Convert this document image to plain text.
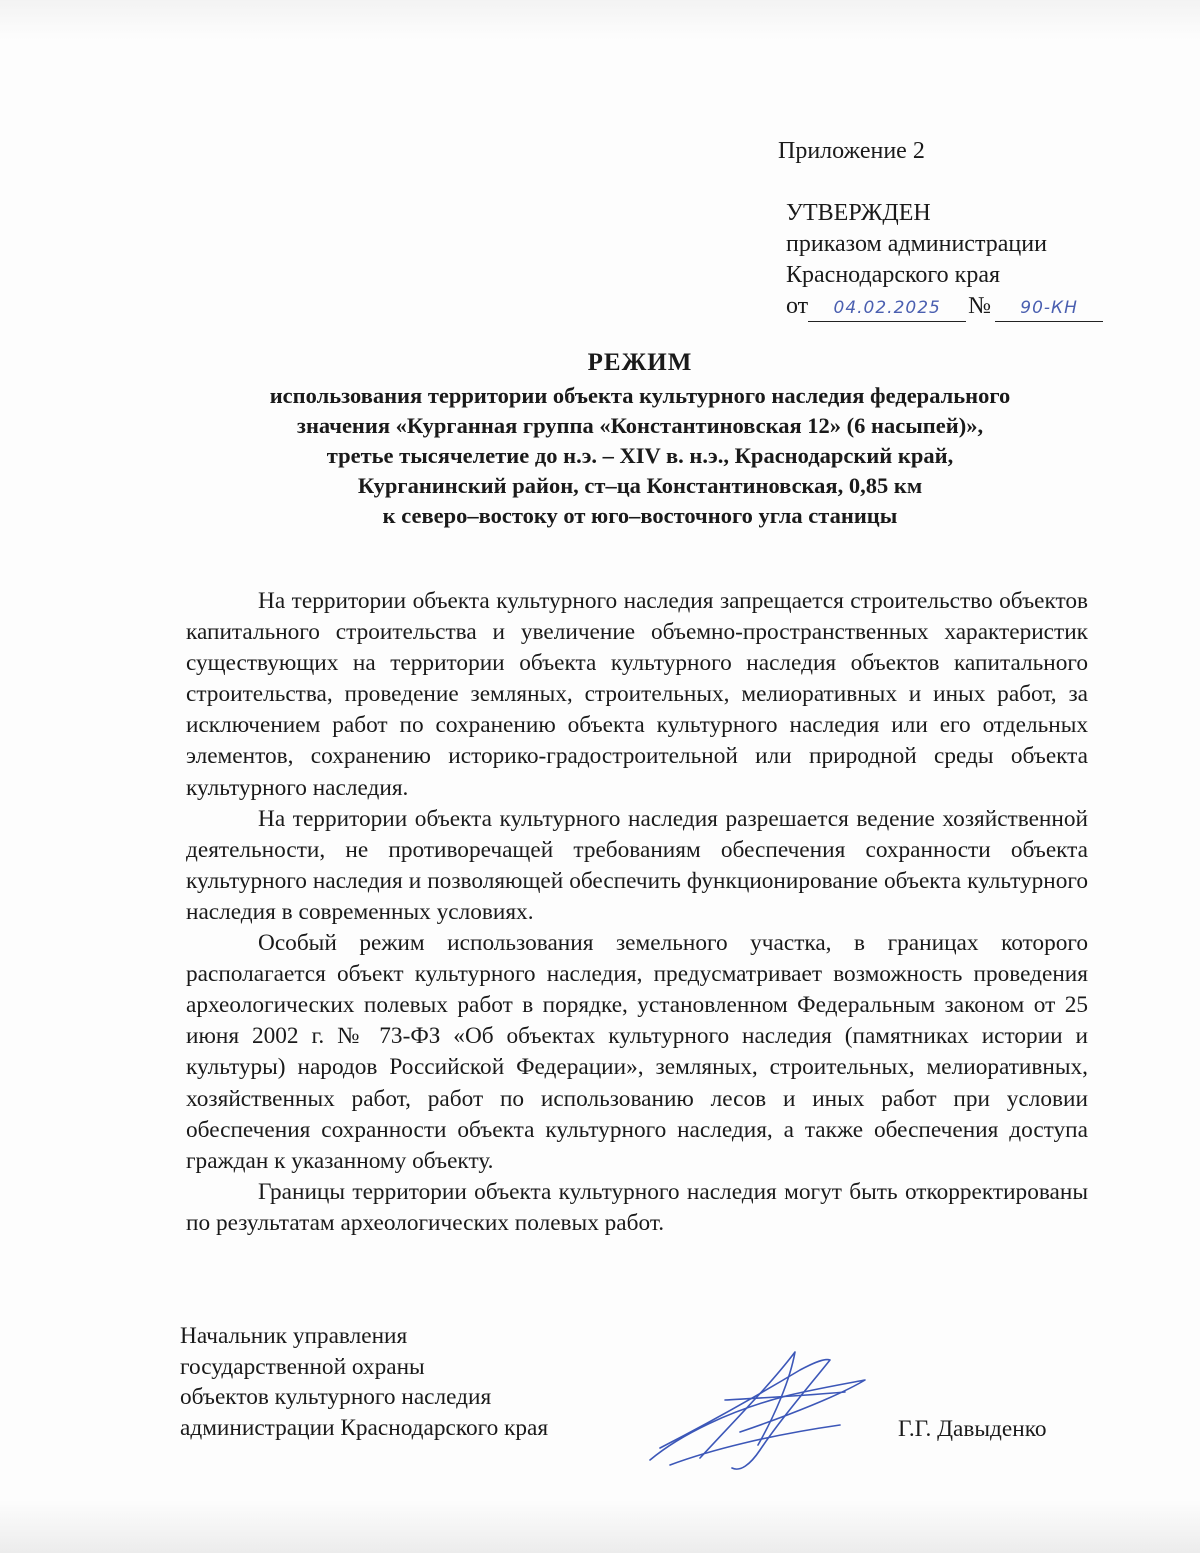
Приложение 2
УТВЕРЖДЕН
приказом администрации
Краснодарского края
от	04.02.2025	№	90-КН
РЕЖИМ
использования территории объекта культурного наследия федерального
значения «Курганная группа «Константиновская 12» (6 насыпей)»,
третье тысячелетие до н.э. – XIV в. н.э., Краснодарский край,
Курганинский район, ст–ца Константиновская, 0,85 км
к северо–востоку от юго–восточного угла станицы

На территории объекта культурного наследия запрещается строительство объектов капитального строительства и увеличение объемно-пространственных характеристик существующих на территории объекта культурного наследия объектов капитального строительства, проведение земляных, строительных, мелиоративных и иных работ, за исключением работ по сохранению объекта культурного наследия или его отдельных элементов, сохранению историко-градостроительной или природной среды объекта культурного наследия.

На территории объекта культурного наследия разрешается ведение хозяйственной деятельности, не противоречащей требованиям обеспечения сохранности объекта культурного наследия и позволяющей обеспечить функционирование объекта культурного наследия в современных условиях.

Особый режим использования земельного участка, в границах которого располагается объект культурного наследия, предусматривает возможность проведения археологических полевых работ в порядке, установленном Федеральным законом от 25 июня 2002 г. № 73-ФЗ «Об объектах культурного наследия (памятниках истории и культуры) народов Российской Федерации», земляных, строительных, мелиоративных, хозяйственных работ, работ по использованию лесов и иных работ при условии обеспечения сохранности объекта культурного наследия, а также обеспечения доступа граждан к указанному объекту.

Границы территории объекта культурного наследия могут быть откорректированы по результатам археологических полевых работ.

Начальник управления
государственной охраны
объектов культурного наследия
администрации Краснодарского края	Г.Г. Давыденко
